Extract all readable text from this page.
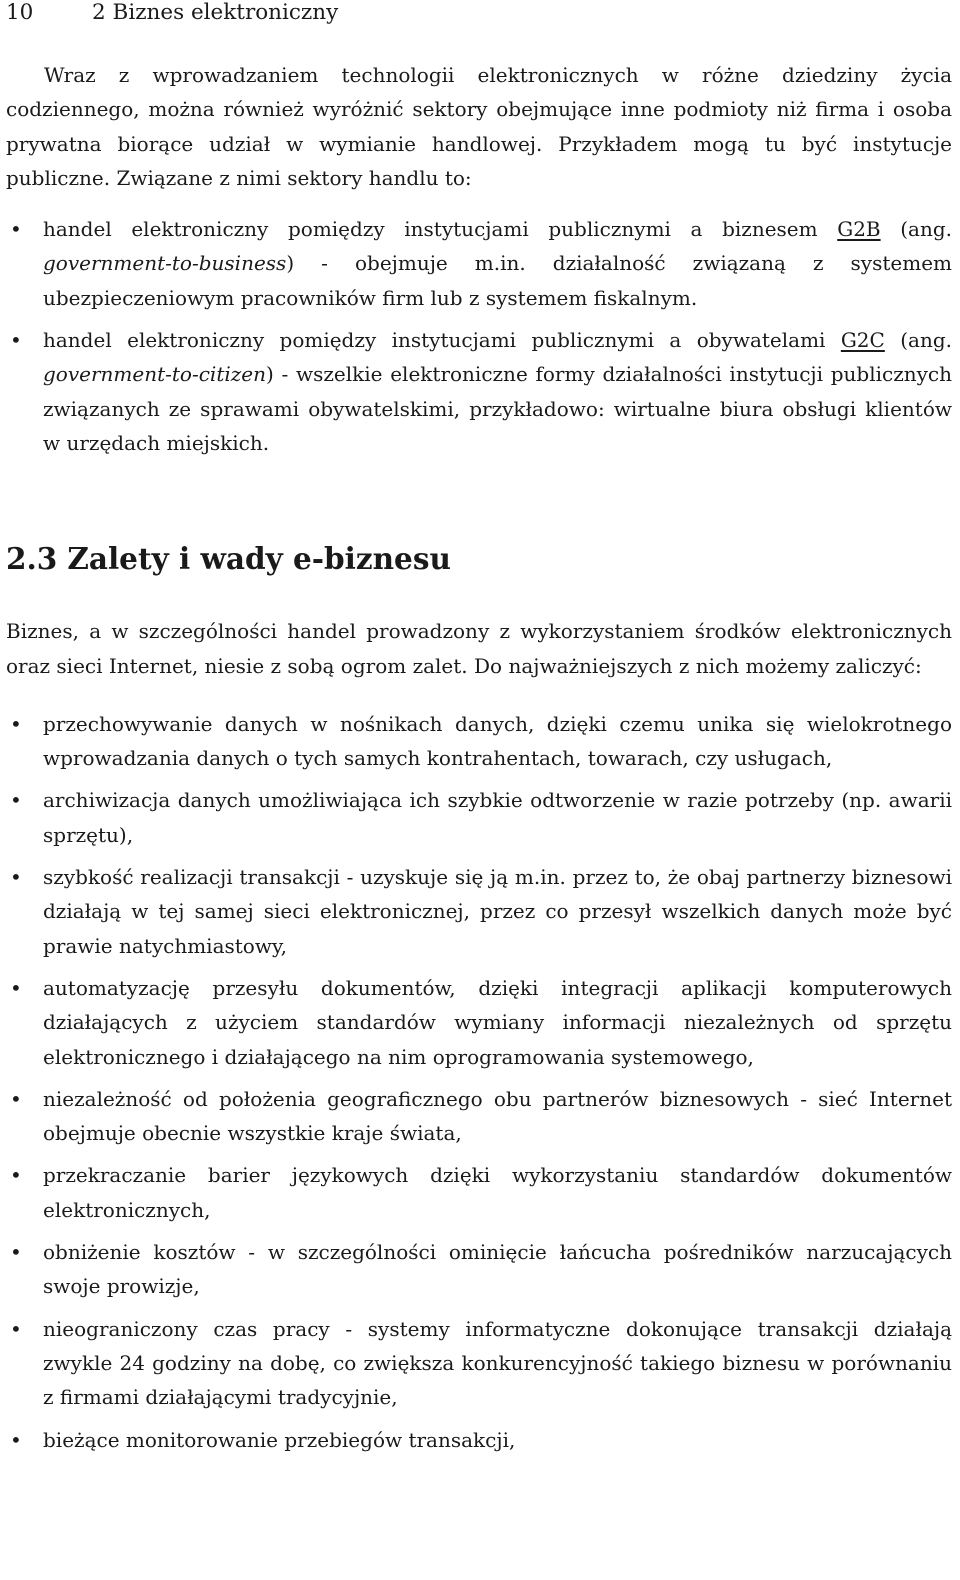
10	2 Biznes elektroniczny

Wraz z wprowadzaniem technologii elektronicznych w różne dziedziny życia codziennego, można również wyróżnić sektory obejmujące inne podmioty niż firma i osoba prywatna biorące udział w wymianie handlowej. Przykładem mogą tu być instytucje publiczne. Związane z nimi sektory handlu to:

• handel elektroniczny pomiędzy instytucjami publicznymi a biznesem G2B (ang. government-to-business) - obejmuje m.in. działalność związaną z systemem ubezpieczeniowym pracowników firm lub z systemem fiskalnym.
• handel elektroniczny pomiędzy instytucjami publicznymi a obywatelami G2C (ang. government-to-citizen) - wszelkie elektroniczne formy działalności instytucji publicznych związanych ze sprawami obywatelskimi, przykładowo: wirtualne biura obsługi klientów w urzędach miejskich.
2.3 Zalety i wady e-biznesu

Biznes, a w szczególności handel prowadzony z wykorzystaniem środków elektronicznych oraz sieci Internet, niesie z sobą ogrom zalet. Do najważniejszych z nich możemy zaliczyć:

• przechowywanie danych w nośnikach danych, dzięki czemu unika się wielokrotnego wprowadzania danych o tych samych kontrahentach, towarach, czy usługach,
• archiwizacja danych umożliwiająca ich szybkie odtworzenie w razie potrzeby (np. awarii sprzętu),
• szybkość realizacji transakcji - uzyskuje się ją m.in. przez to, że obaj partnerzy biznesowi działają w tej samej sieci elektronicznej, przez co przesył wszelkich danych może być prawie natychmiastowy,
• automatyzację przesyłu dokumentów, dzięki integracji aplikacji komputerowych działających z użyciem standardów wymiany informacji niezależnych od sprzętu elektronicznego i działającego na nim oprogramowania systemowego,
• niezależność od położenia geograficznego obu partnerów biznesowych - sieć Internet obejmuje obecnie wszystkie kraje świata,
• przekraczanie barier językowych dzięki wykorzystaniu standardów dokumentów elektronicznych,
• obniżenie kosztów - w szczególności ominięcie łańcucha pośredników narzucających swoje prowizje,
• nieograniczony czas pracy - systemy informatyczne dokonujące transakcji działają zwykle 24 godziny na dobę, co zwiększa konkurencyjność takiego biznesu w porównaniu z firmami działającymi tradycyjnie,
• bieżące monitorowanie przebiegów transakcji,
